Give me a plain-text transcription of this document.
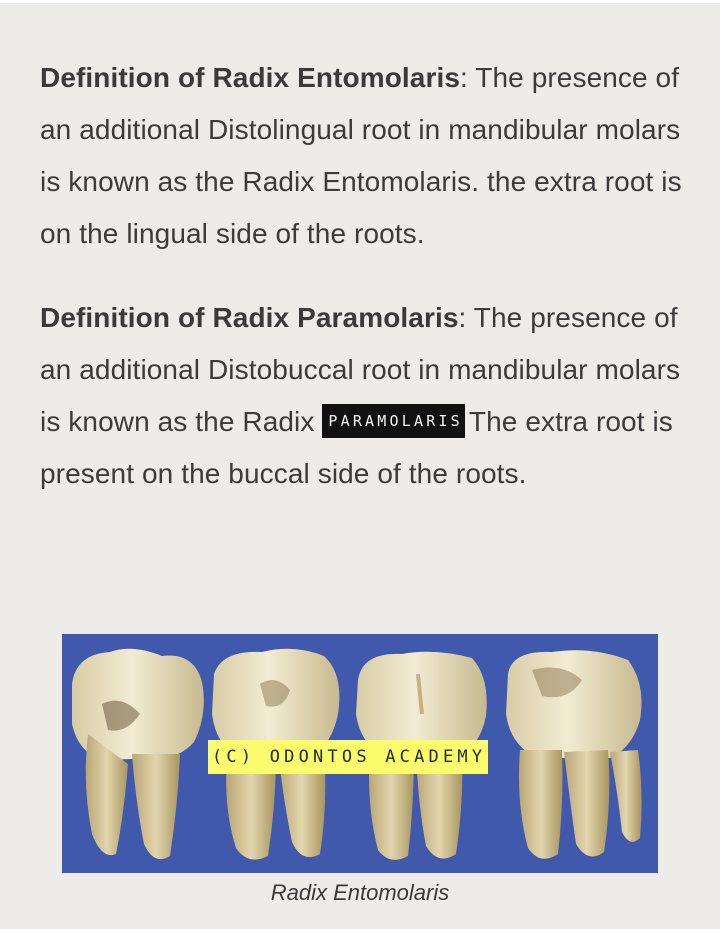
Definition of Radix Entomolaris: The presence of an additional Distolingual root in mandibular molars is known as the Radix Entomolaris. the extra root is on the lingual side of the roots.

Definition of Radix Paramolaris: The presence of an additional Distobuccal root in mandibular molars is known as the Radix PARAMOLARIS The extra root is present on the buccal side of the roots.

(C) ODONTOS ACADEMY
Radix Entomolaris
